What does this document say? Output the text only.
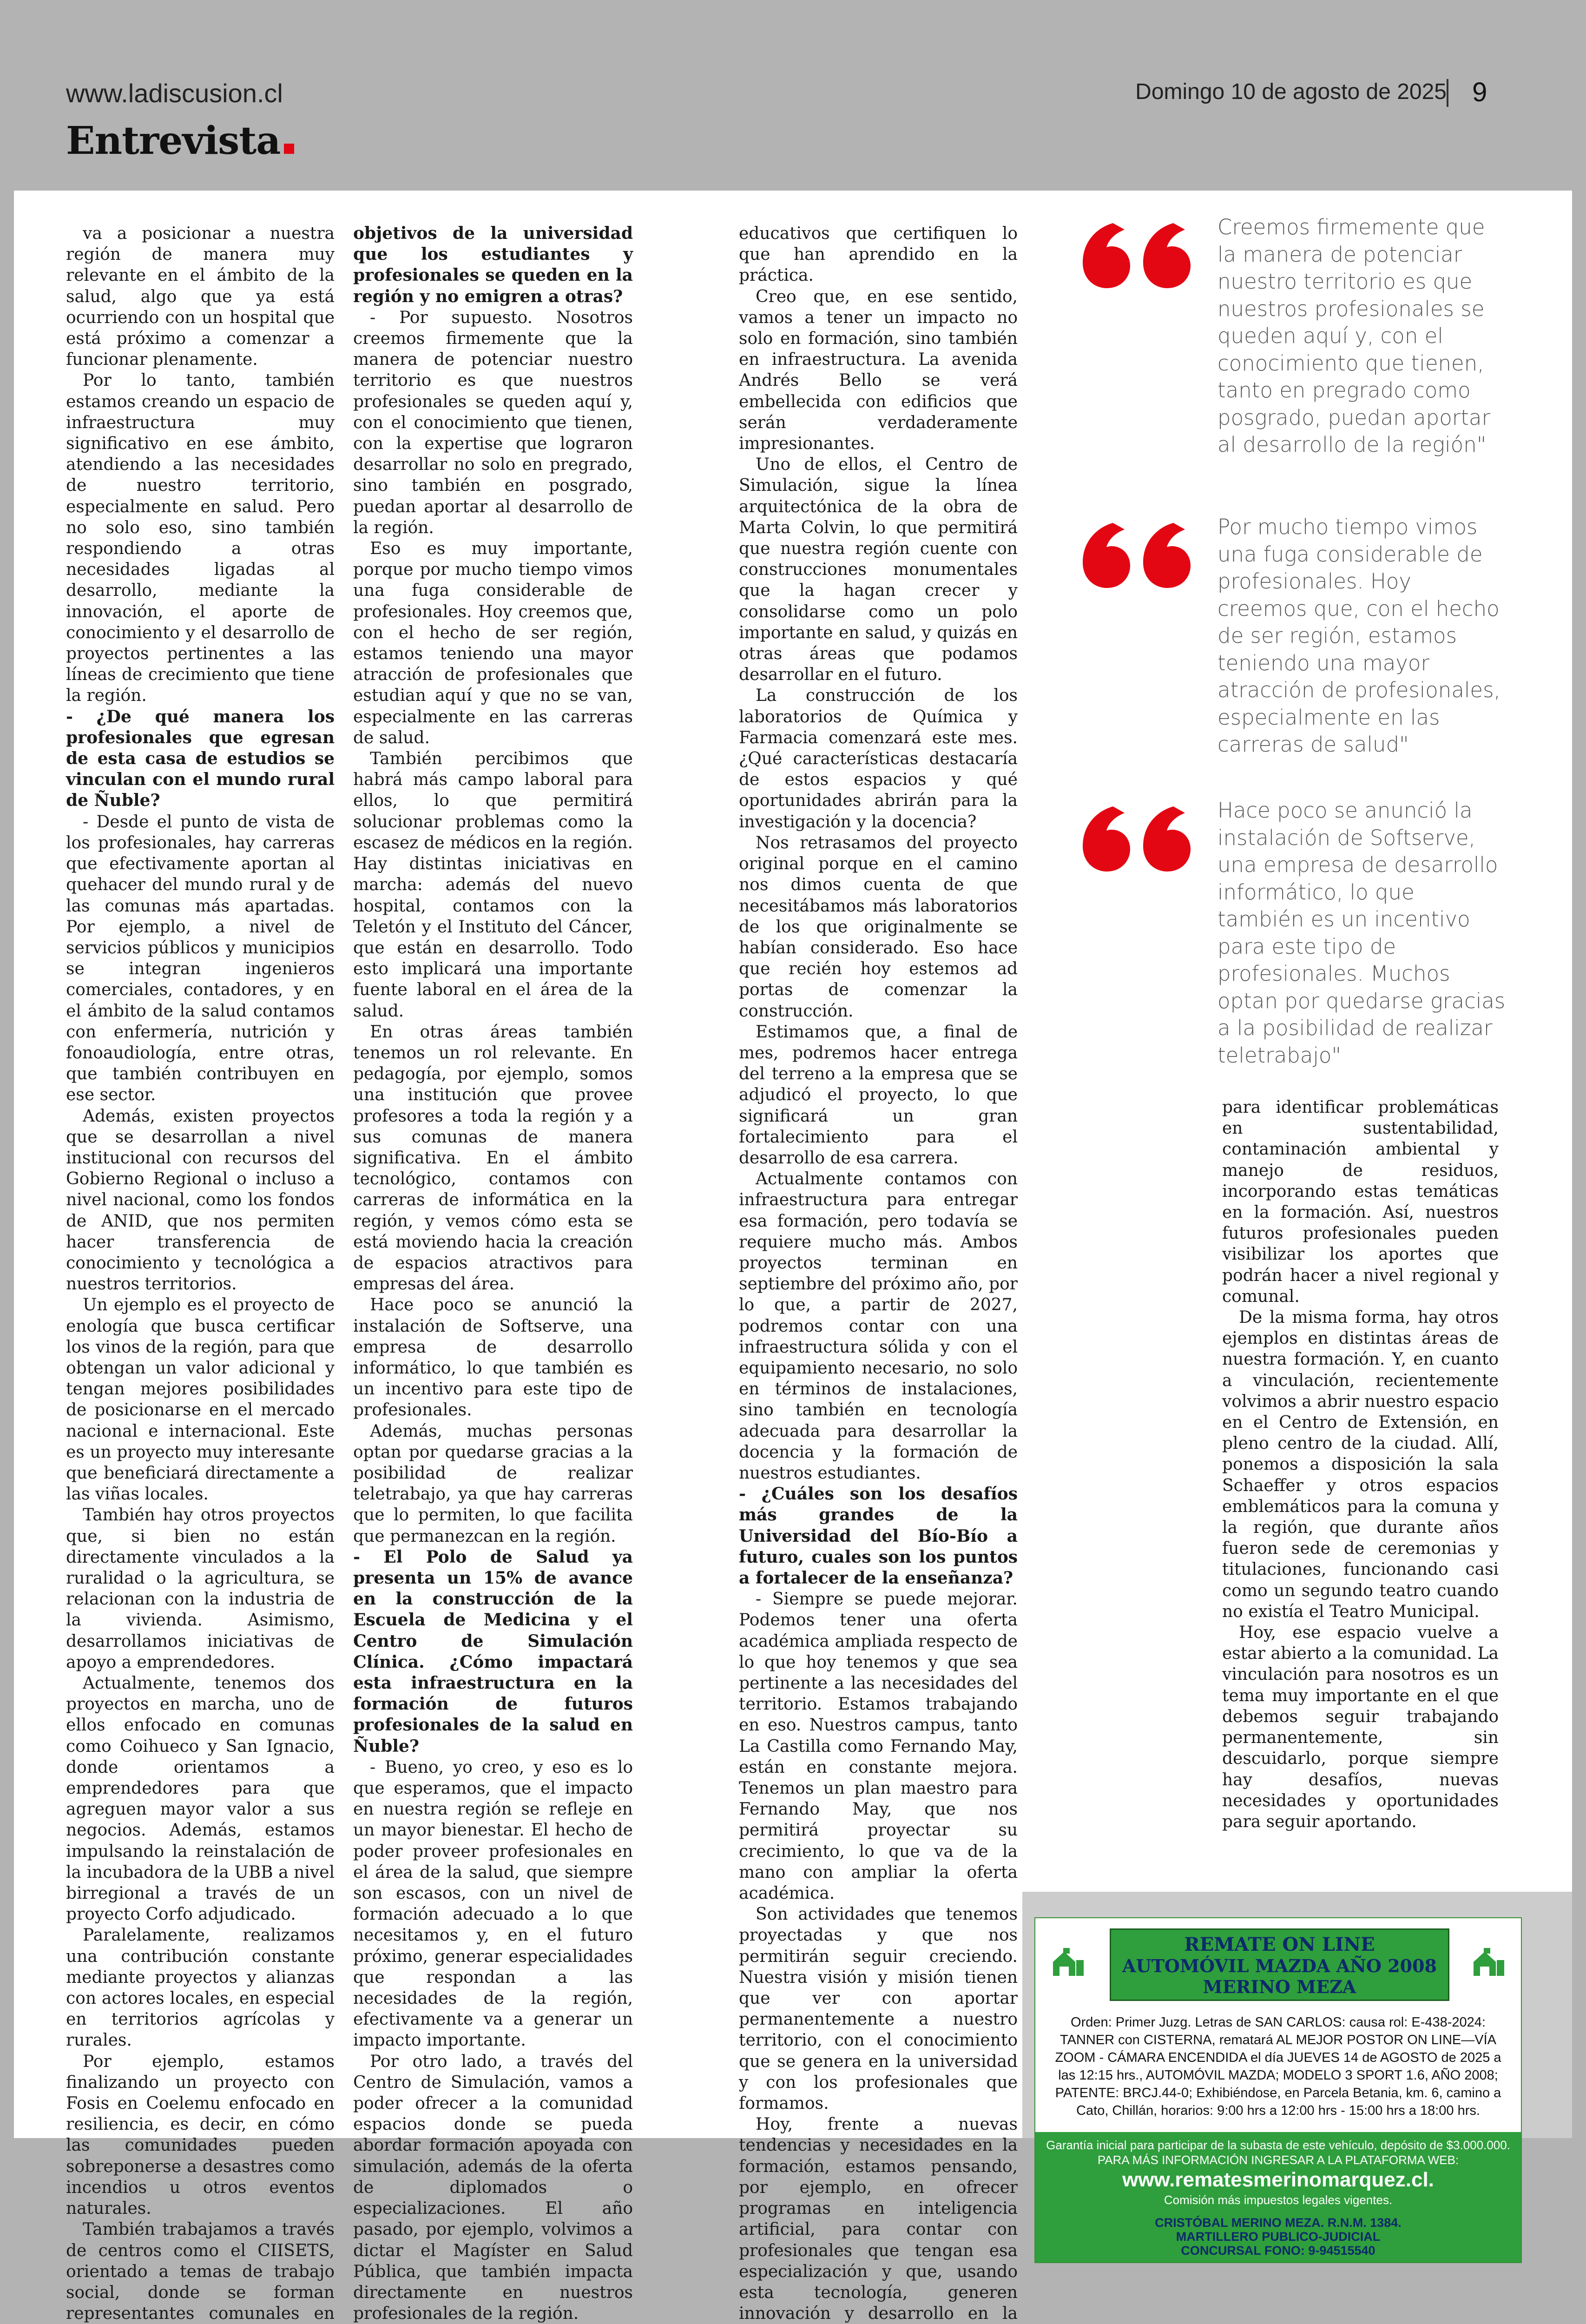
www.ladiscusion.cl
Entrevista
Domingo 10 de agosto de 2025 9

va a posicionar a nuestra región de manera muy relevante en el ámbito de la salud, algo que ya está ocurriendo con un hospital que está próximo a comenzar a funcionar plenamente.

Por lo tanto, también estamos creando un espacio de infraestructura muy significativo en ese ámbito, atendiendo a las necesidades de nuestro territorio, especialmente en salud. Pero no solo eso, sino también respondiendo a otras necesidades ligadas al desarrollo, mediante la innovación, el aporte de conocimiento y el desarrollo de proyectos pertinentes a las líneas de crecimiento que tiene la región.

- ¿De qué manera los profesionales que egresan de esta casa de estudios se vinculan con el mundo rural de Ñuble?

- Desde el punto de vista de los profesionales, hay carreras que efectivamente aportan al quehacer del mundo rural y de las comunas más apartadas. Por ejemplo, a nivel de servicios públicos y municipios se integran ingenieros comerciales, contadores, y en el ámbito de la salud contamos con enfermería, nutrición y fonoaudiología, entre otras, que también contribuyen en ese sector.

Además, existen proyectos que se desarrollan a nivel institucional con recursos del Gobierno Regional o incluso a nivel nacional, como los fondos de ANID, que nos permiten hacer transferencia de conocimiento y tecnológica a nuestros territorios.

Un ejemplo es el proyecto de enología que busca certificar los vinos de la región, para que obtengan un valor adicional y tengan mejores posibilidades de posicionarse en el mercado nacional e internacional. Este es un proyecto muy interesante que beneficiará directamente a las viñas locales.

También hay otros proyectos que, si bien no están directamente vinculados a la ruralidad o la agricultura, se relacionan con la industria de la vivienda. Asimismo, desarrollamos iniciativas de apoyo a emprendedores.

Actualmente, tenemos dos proyectos en marcha, uno de ellos enfocado en comunas como Coihueco y San Ignacio, donde orientamos a emprendedores para que agreguen mayor valor a sus negocios. Además, estamos impulsando la reinstalación de la incubadora de la UBB a nivel birregional a través de un proyecto Corfo adjudicado.

Paralelamente, realizamos una contribución constante mediante proyectos y alianzas con actores locales, en especial en territorios agrícolas y rurales.

Por ejemplo, estamos finalizando un proyecto con Fosis en Coelemu enfocado en resiliencia, es decir, en cómo las comunidades pueden sobreponerse a desastres como incendios u otros eventos naturales.

También trabajamos a través de centros como el CIISETS, orientado a temas de trabajo social, donde se forman representantes comunales en

objetivos de la universidad que los estudiantes y profesionales se queden en la región y no emigren a otras?

- Por supuesto. Nosotros creemos firmemente que la manera de potenciar nuestro territorio es que nuestros profesionales se queden aquí y, con el conocimiento que tienen, con la expertise que lograron desarrollar no solo en pregrado, sino también en posgrado, puedan aportar al desarrollo de la región.

Eso es muy importante, porque por mucho tiempo vimos una fuga considerable de profesionales. Hoy creemos que, con el hecho de ser región, estamos teniendo una mayor atracción de profesionales que estudian aquí y que no se van, especialmente en las carreras de salud.

También percibimos que habrá más campo laboral para ellos, lo que permitirá solucionar problemas como la escasez de médicos en la región. Hay distintas iniciativas en marcha: además del nuevo hospital, contamos con la Teletón y el Instituto del Cáncer, que están en desarrollo. Todo esto implicará una importante fuente laboral en el área de la salud.

En otras áreas también tenemos un rol relevante. En pedagogía, por ejemplo, somos una institución que provee profesores a toda la región y a sus comunas de manera significativa. En el ámbito tecnológico, contamos con carreras de informática en la región, y vemos cómo esta se está moviendo hacia la creación de espacios atractivos para empresas del área.

Hace poco se anunció la instalación de Softserve, una empresa de desarrollo informático, lo que también es un incentivo para este tipo de profesionales.

Además, muchas personas optan por quedarse gracias a la posibilidad de realizar teletrabajo, ya que hay carreras que lo permiten, lo que facilita que permanezcan en la región.

- El Polo de Salud ya presenta un 15% de avance en la construcción de la Escuela de Medicina y el Centro de Simulación Clínica. ¿Cómo impactará esta infraestructura en la formación de futuros profesionales de la salud en Ñuble?

- Bueno, yo creo, y eso es lo que esperamos, que el impacto en nuestra región se refleje en un mayor bienestar. El hecho de poder proveer profesionales en el área de la salud, que siempre son escasos, con un nivel de formación adecuado a lo que necesitamos y, en el futuro próximo, generar especialidades que respondan a las necesidades de la región, efectivamente va a generar un impacto importante.

Por otro lado, a través del Centro de Simulación, vamos a poder ofrecer a la comunidad espacios donde se pueda abordar formación apoyada con simulación, además de la oferta de diplomados o especializaciones. El año pasado, por ejemplo, volvimos a dictar el Magíster en Salud Pública, que también impacta directamente en nuestros profesionales de la región.

educativos que certifiquen lo que han aprendido en la práctica.

Creo que, en ese sentido, vamos a tener un impacto no solo en formación, sino también en infraestructura. La avenida Andrés Bello se verá embellecida con edificios que serán verdaderamente impresionantes.

Uno de ellos, el Centro de Simulación, sigue la línea arquitectónica de la obra de Marta Colvin, lo que permitirá que nuestra región cuente con construcciones monumentales que la hagan crecer y consolidarse como un polo importante en salud, y quizás en otras áreas que podamos desarrollar en el futuro.

La construcción de los laboratorios de Química y Farmacia comenzará este mes. ¿Qué características destacaría de estos espacios y qué oportunidades abrirán para la investigación y la docencia?

Nos retrasamos del proyecto original porque en el camino nos dimos cuenta de que necesitábamos más laboratorios de los que originalmente se habían considerado. Eso hace que recién hoy estemos ad portas de comenzar la construcción.

Estimamos que, a final de mes, podremos hacer entrega del terreno a la empresa que se adjudicó el proyecto, lo que significará un gran fortalecimiento para el desarrollo de esa carrera.

Actualmente contamos con infraestructura para entregar esa formación, pero todavía se requiere mucho más. Ambos proyectos terminan en septiembre del próximo año, por lo que, a partir de 2027, podremos contar con una infraestructura sólida y con el equipamiento necesario, no solo en términos de instalaciones, sino también en tecnología adecuada para desarrollar la docencia y la formación de nuestros estudiantes.

- ¿Cuáles son los desafíos más grandes de la Universidad del Bío-Bío a futuro, cuales son los puntos a fortalecer de la enseñanza?

- Siempre se puede mejorar. Podemos tener una oferta académica ampliada respecto de lo que hoy tenemos y que sea pertinente a las necesidades del territorio. Estamos trabajando en eso. Nuestros campus, tanto La Castilla como Fernando May, están en constante mejora. Tenemos un plan maestro para Fernando May, que nos permitirá proyectar su crecimiento, lo que va de la mano con ampliar la oferta académica.

Son actividades que tenemos proyectadas y que nos permitirán seguir creciendo. Nuestra visión y misión tienen que ver con aportar permanentemente a nuestro territorio, con el conocimiento que se genera en la universidad y con los profesionales que formamos.

Hoy, frente a nuevas tendencias y necesidades en la formación, estamos pensando, por ejemplo, en ofrecer programas en inteligencia artificial, para contar con profesionales que tengan esa especialización y que, usando esta tecnología, generen innovación y desarrollo en la

Creemos firmemente que la manera de potenciar nuestro territorio es que nuestros profesionales se queden aquí y, con el conocimiento que tienen, tanto en pregrado como posgrado, puedan aportar al desarrollo de la región"
Por mucho tiempo vimos una fuga considerable de profesionales. Hoy creemos que, con el hecho de ser región, estamos teniendo una mayor atracción de profesionales, especialmente en las carreras de salud"
Hace poco se anunció la instalación de Softserve, una empresa de desarrollo informático, lo que también es un incentivo para este tipo de profesionales. Muchos optan por quedarse gracias a la posibilidad de realizar teletrabajo"

para identificar problemáticas en sustentabilidad, contaminación ambiental y manejo de residuos, incorporando estas temáticas en la formación. Así, nuestros futuros profesionales pueden visibilizar los aportes que podrán hacer a nivel regional y comunal.

De la misma forma, hay otros ejemplos en distintas áreas de nuestra formación. Y, en cuanto a vinculación, recientemente volvimos a abrir nuestro espacio en el Centro de Extensión, en pleno centro de la ciudad. Allí, ponemos a disposición la sala Schaeffer y otros espacios emblemáticos para la comuna y la región, que durante años fueron sede de ceremonias y titulaciones, funcionando casi como un segundo teatro cuando no existía el Teatro Municipal.

Hoy, ese espacio vuelve a estar abierto a la comunidad. La vinculación para nosotros es un tema muy importante en el que debemos seguir trabajando permanentemente, sin descuidarlo, porque siempre hay desafíos, nuevas necesidades y oportunidades para seguir aportando.

REMATE ON LINE
AUTOMÓVIL MAZDA AÑO 2008
MERINO MEZA
Orden: Primer Juzg. Letras de SAN CARLOS: causa rol: E-438-2024: TANNER con CISTERNA, rematará AL MEJOR POSTOR ON LINE—VÍA ZOOM - CÁMARA ENCENDIDA el día JUEVES 14 de AGOSTO de 2025 a las 12:15 hrs., AUTOMÓVIL MAZDA; MODELO 3 SPORT 1.6, AÑO 2008; PATENTE: BRCJ.44-0; Exhibiéndose, en Parcela Betania, km. 6, camino a Cato, Chillán, horarios: 9:00 hrs a 12:00 hrs - 15:00 hrs a 18:00 hrs.
Garantía inicial para participar de la subasta de este vehículo, depósito de $3.000.000.
PARA MÁS INFORMACIÓN INGRESAR A LA PLATAFORMA WEB:
www.rematesmerinomarquez.cl.
Comisión más impuestos legales vigentes.
CRISTÓBAL MERINO MEZA. R.N.M. 1384.
MARTILLERO PUBLICO-JUDICIAL
CONCURSAL FONO: 9-94515540
